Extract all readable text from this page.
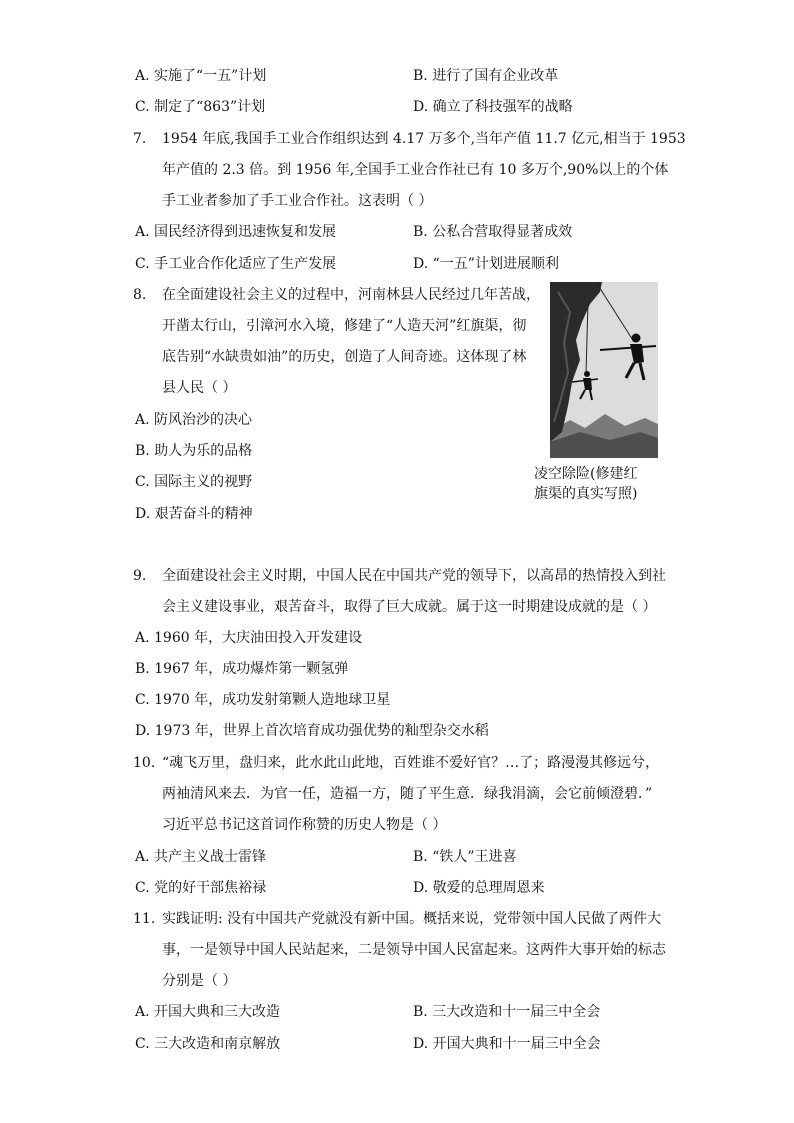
A. 实施了“一五”计划	B. 进行了国有企业改革
C. 制定了“863”计划	D. 确立了科技强军的战略
7. 1954 年底,我国手工业合作组织达到 4.17 万多个,当年产值 11.7 亿元,相当于 1953
年产值的 2.3 倍。到 1956 年,全国手工业合作社已有 10 多万个,90%以上的个体
手工业者参加了手工业合作社。这表明（ ）
A. 国民经济得到迅速恢复和发展	B. 公私合营取得显著成效
C. 手工业合作化适应了生产发展	D. “一五”计划进展顺利
8. 在全面建设社会主义的过程中，河南林县人民经过几年苦战，
开凿太行山，引漳河水入境，修建了“人造天河”红旗渠，彻
底告别“水缺贵如油”的历史，创造了人间奇迹。这体现了林
县人民（ ）
A. 防风治沙的决心
B. 助人为乐的品格
C. 国际主义的视野
D. 艰苦奋斗的精神
凌空除险(修建红
旗渠的真实写照)
9. 全面建设社会主义时期，中国人民在中国共产党的领导下，以高昂的热情投入到社
会主义建设事业，艰苦奋斗，取得了巨大成就。属于这一时期建设成就的是（ ）
A. 1960 年，大庆油田投入开发建设
B. 1967 年，成功爆炸第一颗氢弹
C. 1970 年，成功发射第颗人造地球卫星
D. 1973 年，世界上首次培育成功强优势的籼型杂交水稻
10. “魂飞万里，盘归来，此水此山此地，百姓谁不爱好官？…了；路漫漫其修远兮，
两袖清风来去．为官一任，造福一方，随了平生意．绿我涓滴，会它前倾澄碧．”
习近平总书记这首词作称赞的历史人物是（ ）
A. 共产主义战士雷锋	B. “铁人”王进喜
C. 党的好干部焦裕禄	D. 敬爱的总理周恩来
11. 实践证明: 没有中国共产党就没有新中国。概括来说，党带领中国人民做了两件大
事，一是领导中国人民站起来，二是领导中国人民富起来。这两件大事开始的标志
分别是（ ）
A. 开国大典和三大改造	B. 三大改造和十一届三中全会
C. 三大改造和南京解放	D. 开国大典和十一届三中全会
